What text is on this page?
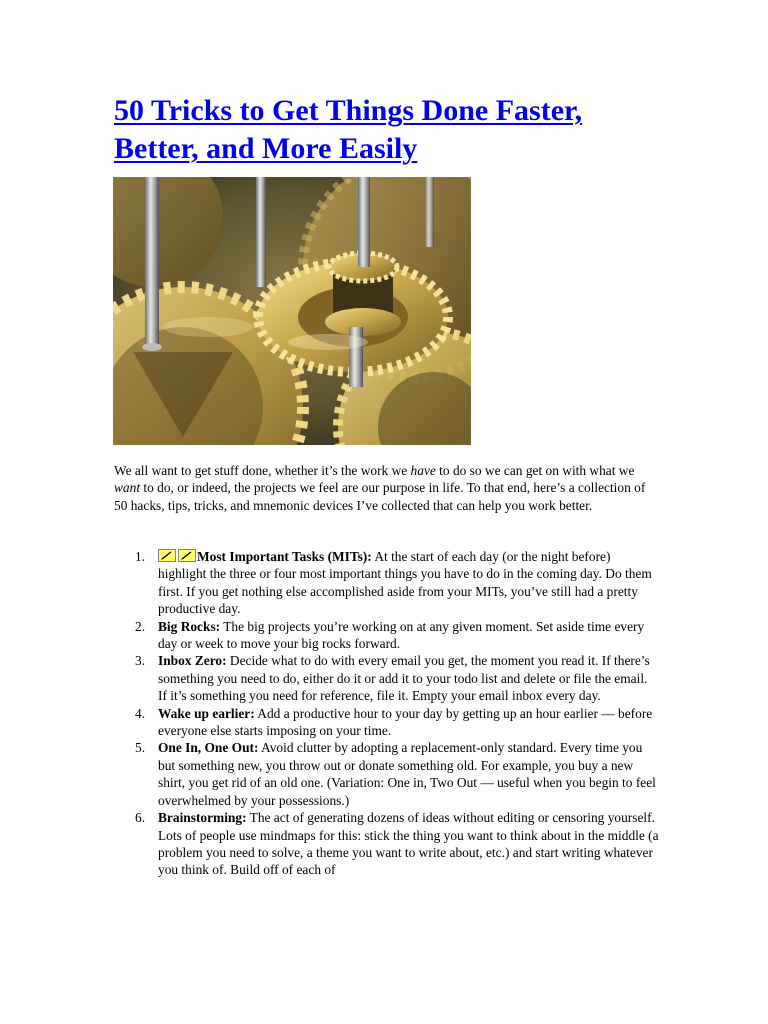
50 Tricks to Get Things Done Faster,
Better, and More Easily

We all want to get stuff done, whether it’s the work we have to do so we can get on with what we want to do, or indeed, the projects we feel are our purpose in life. To that end, here’s a collection of 50 hacks, tips, tricks, and mnemonic devices I’ve collected that can help you work better.

1.	Most Important Tasks (MITs): At the start of each day (or the night before) highlight the three or four most important things you have to do in the coming day. Do them first. If you get nothing else accomplished aside from your MITs, you’ve still had a pretty productive day.
2. Big Rocks: The big projects you’re working on at any given moment. Set aside time every day or week to move your big rocks forward.
3. Inbox Zero: Decide what to do with every email you get, the moment you read it. If there’s something you need to do, either do it or add it to your todo list and delete or file the email. If it’s something you need for reference, file it. Empty your email inbox every day.
4. Wake up earlier: Add a productive hour to your day by getting up an hour earlier — before everyone else starts imposing on your time.
5. One In, One Out: Avoid clutter by adopting a replacement-only standard. Every time you but something new, you throw out or donate something old. For example, you buy a new shirt, you get rid of an old one. (Variation: One in, Two Out — useful when you begin to feel overwhelmed by your possessions.)
6. Brainstorming: The act of generating dozens of ideas without editing or censoring yourself. Lots of people use mindmaps for this: stick the thing you want to think about in the middle (a problem you need to solve, a theme you want to write about, etc.) and start writing whatever you think of. Build off of each of
